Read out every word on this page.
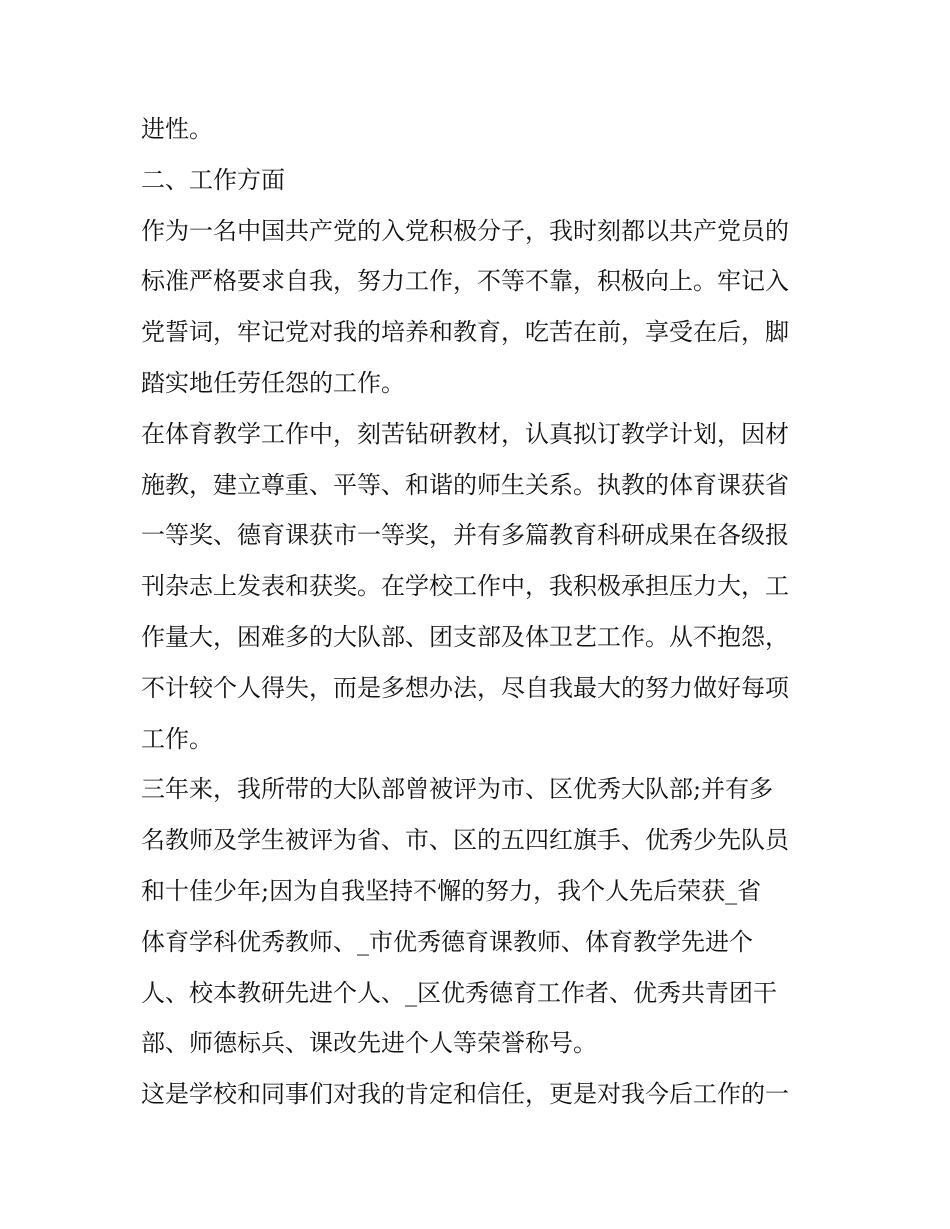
进性。
二、工作方面
作为一名中国共产党的入党积极分子，我时刻都以共产党员的
标准严格要求自我，努力工作，不等不靠，积极向上。牢记入
党誓词，牢记党对我的培养和教育，吃苦在前，享受在后，脚
踏实地任劳任怨的工作。
在体育教学工作中，刻苦钻研教材，认真拟订教学计划，因材
施教，建立尊重、平等、和谐的师生关系。执教的体育课获省
一等奖、德育课获市一等奖，并有多篇教育科研成果在各级报
刊杂志上发表和获奖。在学校工作中，我积极承担压力大，工
作量大，困难多的大队部、团支部及体卫艺工作。从不抱怨，
不计较个人得失，而是多想办法，尽自我最大的努力做好每项
工作。
三年来，我所带的大队部曾被评为市、区优秀大队部;并有多
名教师及学生被评为省、市、区的五四红旗手、优秀少先队员
和十佳少年;因为自我坚持不懈的努力，我个人先后荣获_省
体育学科优秀教师、_市优秀德育课教师、体育教学先进个
人、校本教研先进个人、_区优秀德育工作者、优秀共青团干
部、师德标兵、课改先进个人等荣誉称号。
这是学校和同事们对我的肯定和信任，更是对我今后工作的一
